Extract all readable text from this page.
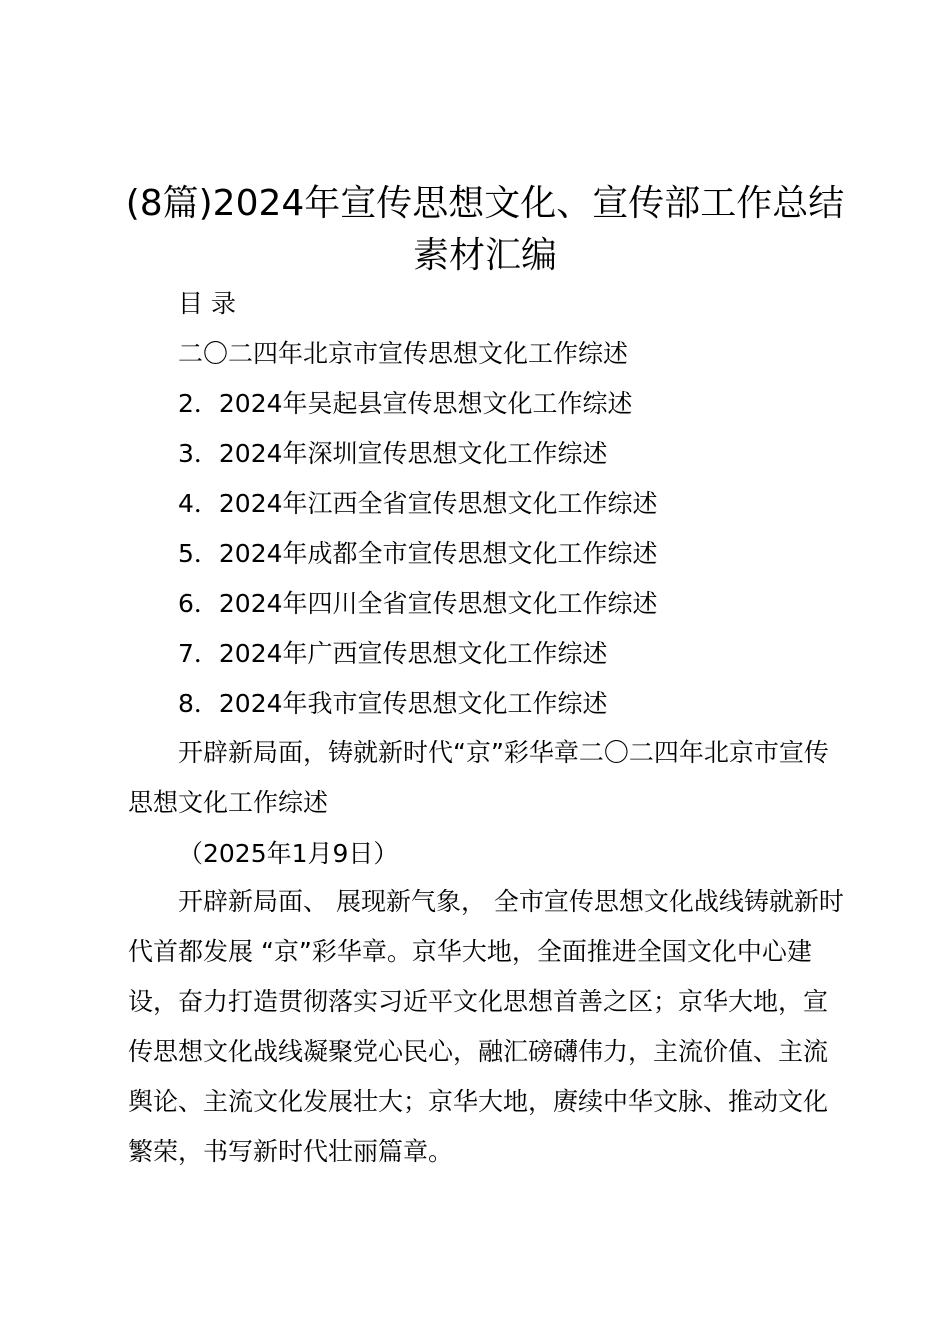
(8篇)2024年宣传思想文化、宣传部工作总结素材汇编

目 录

二〇二四年北京市宣传思想文化工作综述

2．2024年吴起县宣传思想文化工作综述

3．2024年深圳宣传思想文化工作综述

4．2024年江西全省宣传思想文化工作综述

5．2024年成都全市宣传思想文化工作综述

6．2024年四川全省宣传思想文化工作综述

7．2024年广西宣传思想文化工作综述

8．2024年我市宣传思想文化工作综述

开辟新局面，铸就新时代“京”彩华章二〇二四年北京市宣传思想文化工作综述

（2025年1月9日）

开辟新局面、 展现新气象， 全市宣传思想文化战线铸就新时代首都发展 “京”彩华章。京华大地，全面推进全国文化中心建设，奋力打造贯彻落实习近平文化思想首善之区；京华大地，宣传思想文化战线凝聚党心民心，融汇磅礴伟力，主流价值、主流舆论、主流文化发展壮大；京华大地，赓续中华文脉、推动文化繁荣，书写新时代壮丽篇章。
